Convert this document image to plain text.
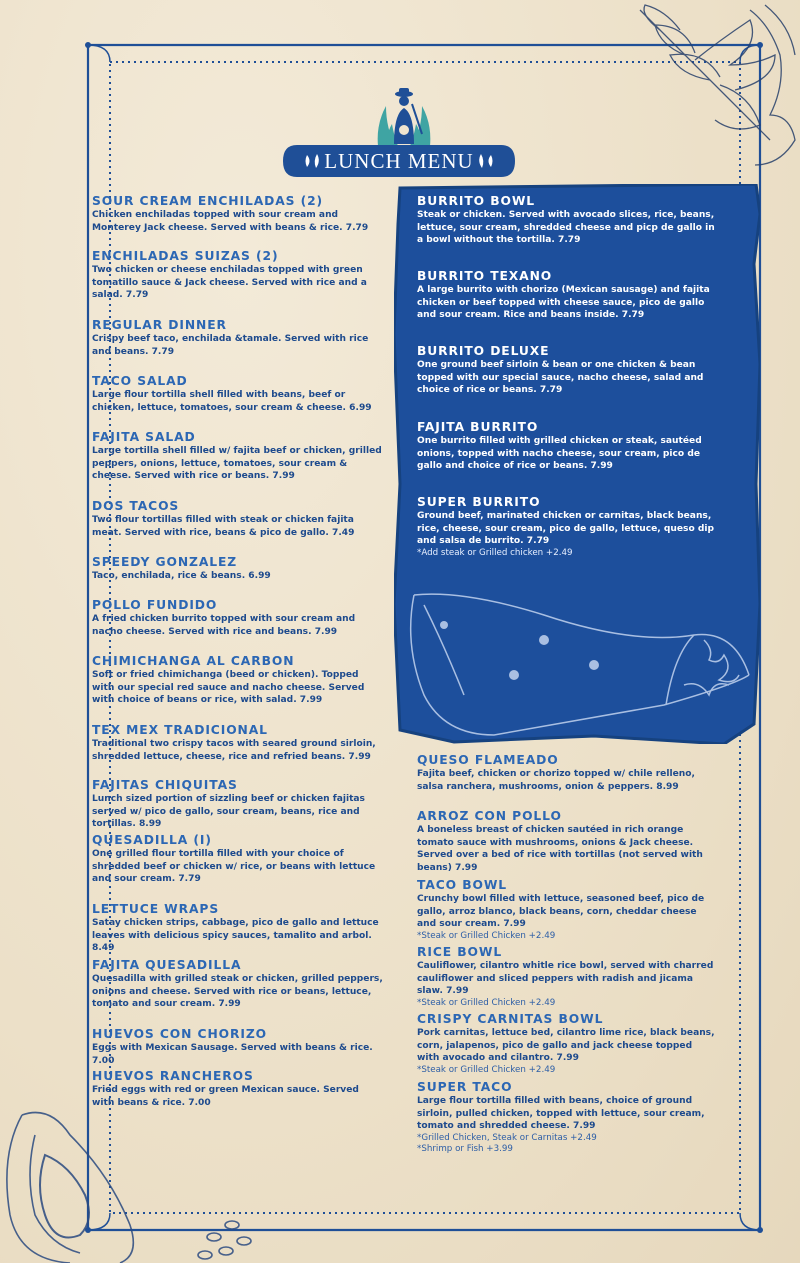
LUNCH MENU
SOUR CREAM ENCHILADAS (2)
Chicken enchiladas topped with sour cream and Monterey Jack cheese. Served with beans & rice. 7.79
ENCHILADAS SUIZAS (2)
Two chicken or cheese enchiladas topped with green tomatillo sauce & Jack cheese. Served with rice and a salad. 7.79
REGULAR DINNER
Crispy beef taco, enchilada &tamale. Served with rice and beans. 7.79
TACO SALAD
Large flour tortilla shell filled with beans, beef or chicken, lettuce, tomatoes, sour cream & cheese. 6.99
FAJITA SALAD
Large tortilla shell filled w/ fajita beef or chicken, grilled peppers, onions, lettuce, tomatoes, sour cream & cheese. Served with rice or beans. 7.99
DOS TACOS
Two flour tortillas filled with steak or chicken fajita meat. Served with rice, beans & pico de gallo. 7.49
SPEEDY GONZALEZ
Taco, enchilada, rice & beans. 6.99
POLLO FUNDIDO
A fried chicken burrito topped with sour cream and nacho cheese. Served with rice and beans. 7.99
CHIMICHANGA AL CARBON
Soft or fried chimichanga (beed or chicken). Topped with our special red sauce and nacho cheese. Served with choice of beans or rice, with salad. 7.99
TEX MEX TRADICIONAL
Traditional two crispy tacos with seared ground sirloin, shredded lettuce, cheese, rice and refried beans. 7.99
FAJITAS CHIQUITAS
Lunch sized portion of sizzling beef or chicken fajitas served w/ pico de gallo, sour cream, beans, rice and tortillas. 8.99
QUESADILLA (I)
One grilled flour tortilla filled with your choice of shredded beef or chicken w/ rice, or beans with lettuce and sour cream. 7.79
LETTUCE WRAPS
Satay chicken strips, cabbage, pico de gallo and lettuce leaves with delicious spicy sauces, tamalito and arbol. 8.49
FAJITA QUESADILLA
Quesadilla with grilled steak or chicken, grilled peppers, onions and cheese. Served with rice or beans, lettuce, tomato and sour cream. 7.99
HUEVOS CON CHORIZO
Eggs with Mexican Sausage. Served with beans & rice. 7.00
HUEVOS RANCHEROS
Fried eggs with red or green Mexican sauce. Served with beans & rice. 7.00
BURRITO BOWL
Steak or chicken. Served with avocado slices, rice, beans, lettuce, sour cream, shredded cheese and picp de gallo in a bowl without the tortilla. 7.79
BURRITO TEXANO
A large burrito with chorizo (Mexican sausage) and fajita chicken or beef topped with cheese sauce, pico de gallo and sour cream. Rice and beans inside. 7.79
BURRITO DELUXE
One ground beef sirloin & bean or one chicken & bean topped with our special sauce, nacho cheese, salad and choice of rice or beans. 7.79
FAJITA BURRITO
One burrito filled with grilled chicken or steak, sautéed onions, topped with nacho cheese, sour cream, pico de gallo and choice of rice or beans. 7.99
SUPER BURRITO
Ground beef, marinated chicken or carnitas, black beans, rice, cheese, sour cream, pico de gallo, lettuce, queso dip and salsa de burrito. 7.79
*Add steak or Grilled chicken +2.49
QUESO FLAMEADO
Fajita beef, chicken or chorizo topped w/ chile relleno, salsa ranchera, mushrooms, onion & peppers. 8.99
ARROZ CON POLLO
A boneless breast of chicken sautéed in rich orange tomato sauce with mushrooms, onions & Jack cheese. Served over a bed of rice with tortillas (not served with beans) 7.99
TACO BOWL
Crunchy bowl filled with lettuce, seasoned beef, pico de gallo, arroz blanco, black beans, corn, cheddar cheese and sour cream. 7.99
*Steak or Grilled Chicken +2.49
RICE BOWL
Cauliflower, cilantro whitle rice bowl, served with charred cauliflower and sliced peppers with radish and jicama slaw. 7.99
*Steak or Grilled Chicken +2.49
CRISPY CARNITAS BOWL
Pork carnitas, lettuce bed, cilantro lime rice, black beans, corn, jalapenos, pico de gallo and jack cheese topped with avocado and cilantro. 7.99
*Steak or Grilled Chicken +2.49
SUPER TACO
Large flour tortilla filled with beans, choice of ground sirloin, pulled chicken, topped with lettuce, sour cream, tomato and shredded cheese. 7.99
*Grilled Chicken, Steak or Carnitas +2.49
*Shrimp or Fish +3.99
